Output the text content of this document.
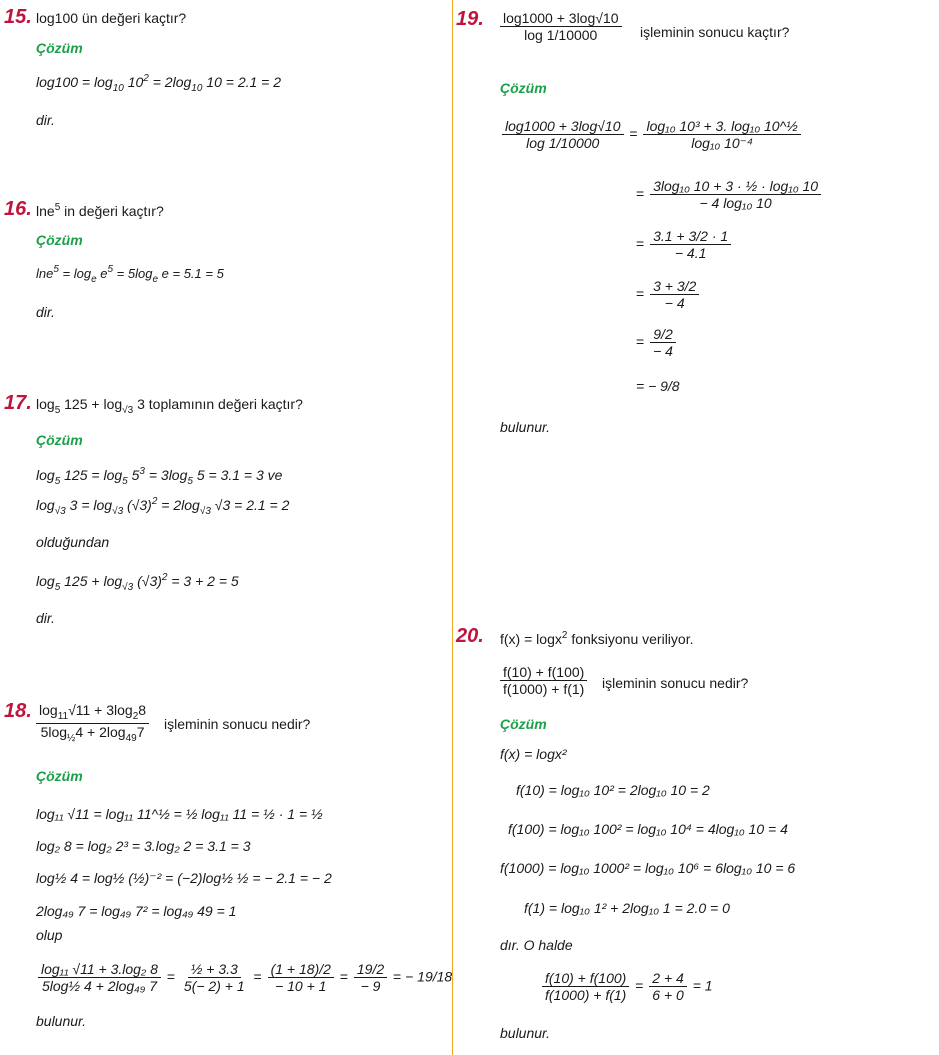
15. log100 ün değeri kaçtır?
Çözüm
$\log 100 = \log_{10} 10^2 = 2\log_{10}$ 10 = 2.1 = 2
dir.
16. lne$^5$ in değeri kaçtır?
Çözüm
$\ln e^5 = \log_e e^5 = 5\log_e$ e = 5.1 = 5
dir.
17. $\log_5 125 + \log_{√3} 3$ toplamının değeri kaçtır?
Çözüm
$\log_5 125 = \log_5 5^3 = 3\log_5$ 5 = 3.1 = 3 ve
$\log_{√3} 3 = \log_{√3} (√3)^2 = 2\log_{√3}$ √3 = 2.1 = 2
olduğundan
$\log_5 125 + \log_{√3} (√3)^2 = 3 + 2 = 5$
dir.
18. $\frac{\log_{11}√11 + 3\log_28}{5\log_{\frac{1}{2}}4 + 2\log_{49}7}$ işleminin sonucu nedir?
Çözüm
log₁₁ √11 = log₁₁ 11^½ = ½ log₁₁ 11 = ½ · 1 = ½
log₂ 8 = log₂ 2³ = 3.log₂ 2 = 3.1 = 3
log½ 4 = log½ (½)⁻² = (−2)log½ ½ = − 2.1 = − 2
2log₄₉ 7 = log₄₉ 7² = log₄₉ 49 = 1
olup
$\frac{\text{log₁₁ √11 + 3.log₂ 8}}{\text{5log½ 4 + 2log₄₉ 7}} = \frac{\text{½ + 3.3}}{5(- 2) + 1} = \frac{(1 + 18)/2}{- 10 + 1} = \frac{19/2}{- 9}$ = − 19/18
bulunur.
19. $\frac{\log 1000 + 3\log√10}{\log 1/10000}$ işleminin sonucu kaçtır?
Çözüm
$\frac{\log 1000 + 3\log√10}{\log 1/10000} = \frac{\text{log₁₀ 10³ + 3. log₁₀ 10\textasciicircum{}½}}{\text{log₁₀ 10⁻⁴}}$
= $\frac{\text{3log₁₀ 10 + 3 · ½ · log₁₀ 10}}{\text{− 4 log₁₀ 10}}$
= $\frac{3.1 + 3/2 \cdot 1}{- 4.1}$
= $\frac{3 + 3/2}{- 4}$
= $\frac{9/2}{- 4}$
= − 9/8
bulunur.
20. f(x) = logx$^2$ fonksiyonu veriliyor.
$\frac{f(10) + f(100)}{f(1000) + f(1)}$ işleminin sonucu nedir?
Çözüm
f(x) = logx²
f(10) = log₁₀ 10² = 2log₁₀ 10 = 2
f(100) = log₁₀ 100² = log₁₀ 10⁴ = 4log₁₀ 10 = 4
f(1000) = log₁₀ 1000² = log₁₀ 10⁶ = 6log₁₀ 10 = 6
f(1) = log₁₀ 1² + 2log₁₀ 1 = 2.0 = 0
dır. O halde
$\frac{f(10) + f(100)}{f(1000) + f(1)} = \frac{2 + 4}{6 + 0} = 1$
bulunur.
